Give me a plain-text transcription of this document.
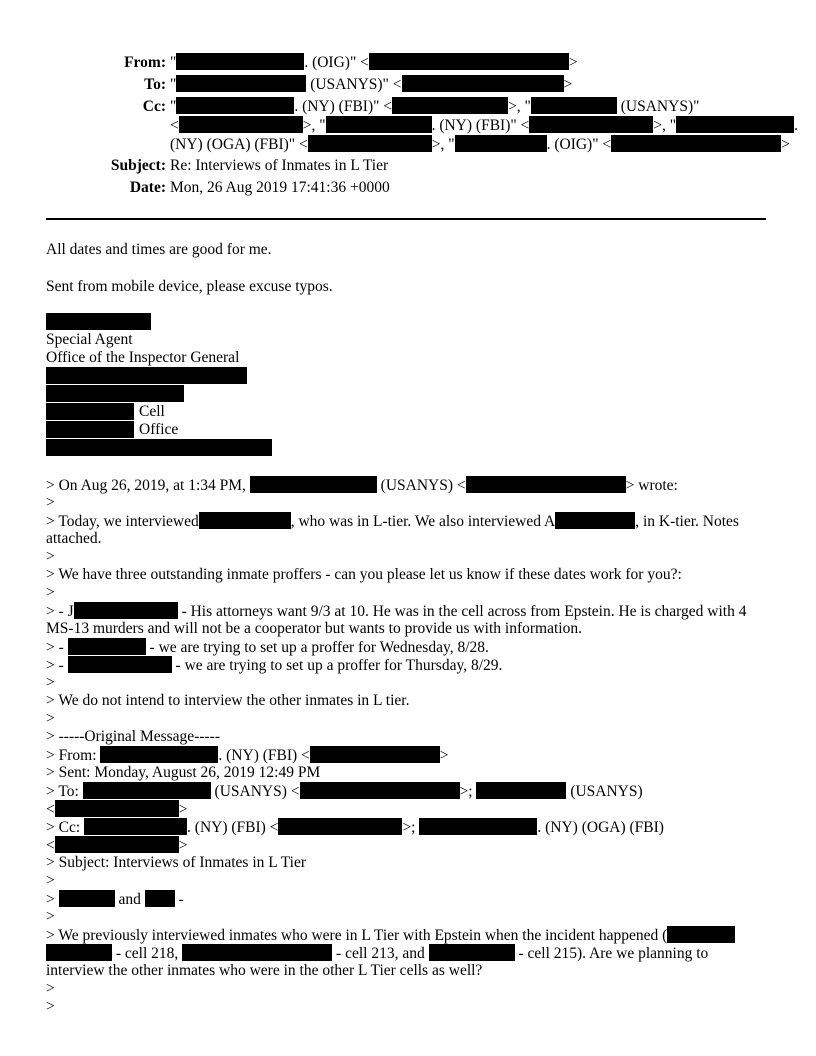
From: "	. (OIG)" <	>
To: "	(USANYS)" <	>
Cc: "	. (NY) (FBI)" <	>, "	(USANYS)"
<	>, "	. (NY) (FBI)" <	>, "	.
(NY) (OGA) (FBI)" <	>, "	. (OIG)" <	>
Subject: Re: Interviews of Inmates in L Tier
Date: Mon, 26 Aug 2019 17:41:36 +0000
All dates and times are good for me.
Sent from mobile device, please excuse typos.
Special Agent
Office of the Inspector General
Cell
Office
> On Aug 26, 2019, at 1:34 PM,	(USANYS) <	> wrote:
>
> Today, we interviewed	, who was in L-tier. We also interviewed A	, in K-tier. Notes
attached.
>
> We have three outstanding inmate proffers - can you please let us know if these dates work for you?:
>
> - J	- His attorneys want 9/3 at 10. He was in the cell across from Epstein. He is charged with 4
MS-13 murders and will not be a cooperator but wants to provide us with information.
> -	- we are trying to set up a proffer for Wednesday, 8/28.
> -	- we are trying to set up a proffer for Thursday, 8/29.
>
> We do not intend to interview the other inmates in L tier.
>
> -----Original Message-----
> From:	. (NY) (FBI) <	>
> Sent: Monday, August 26, 2019 12:49 PM
> To:	(USANYS) <	>;	(USANYS)
<	>
> Cc:	. (NY) (FBI) <	>;	. (NY) (OGA) (FBI)
<	>
> Subject: Interviews of Inmates in L Tier
>
>	and -
>
> We previously interviewed inmates who were in L Tier with Epstein when the incident happened (
- cell 218,	- cell 213, and	- cell 215). Are we planning to
interview the other inmates who were in the other L Tier cells as well?
>
>
